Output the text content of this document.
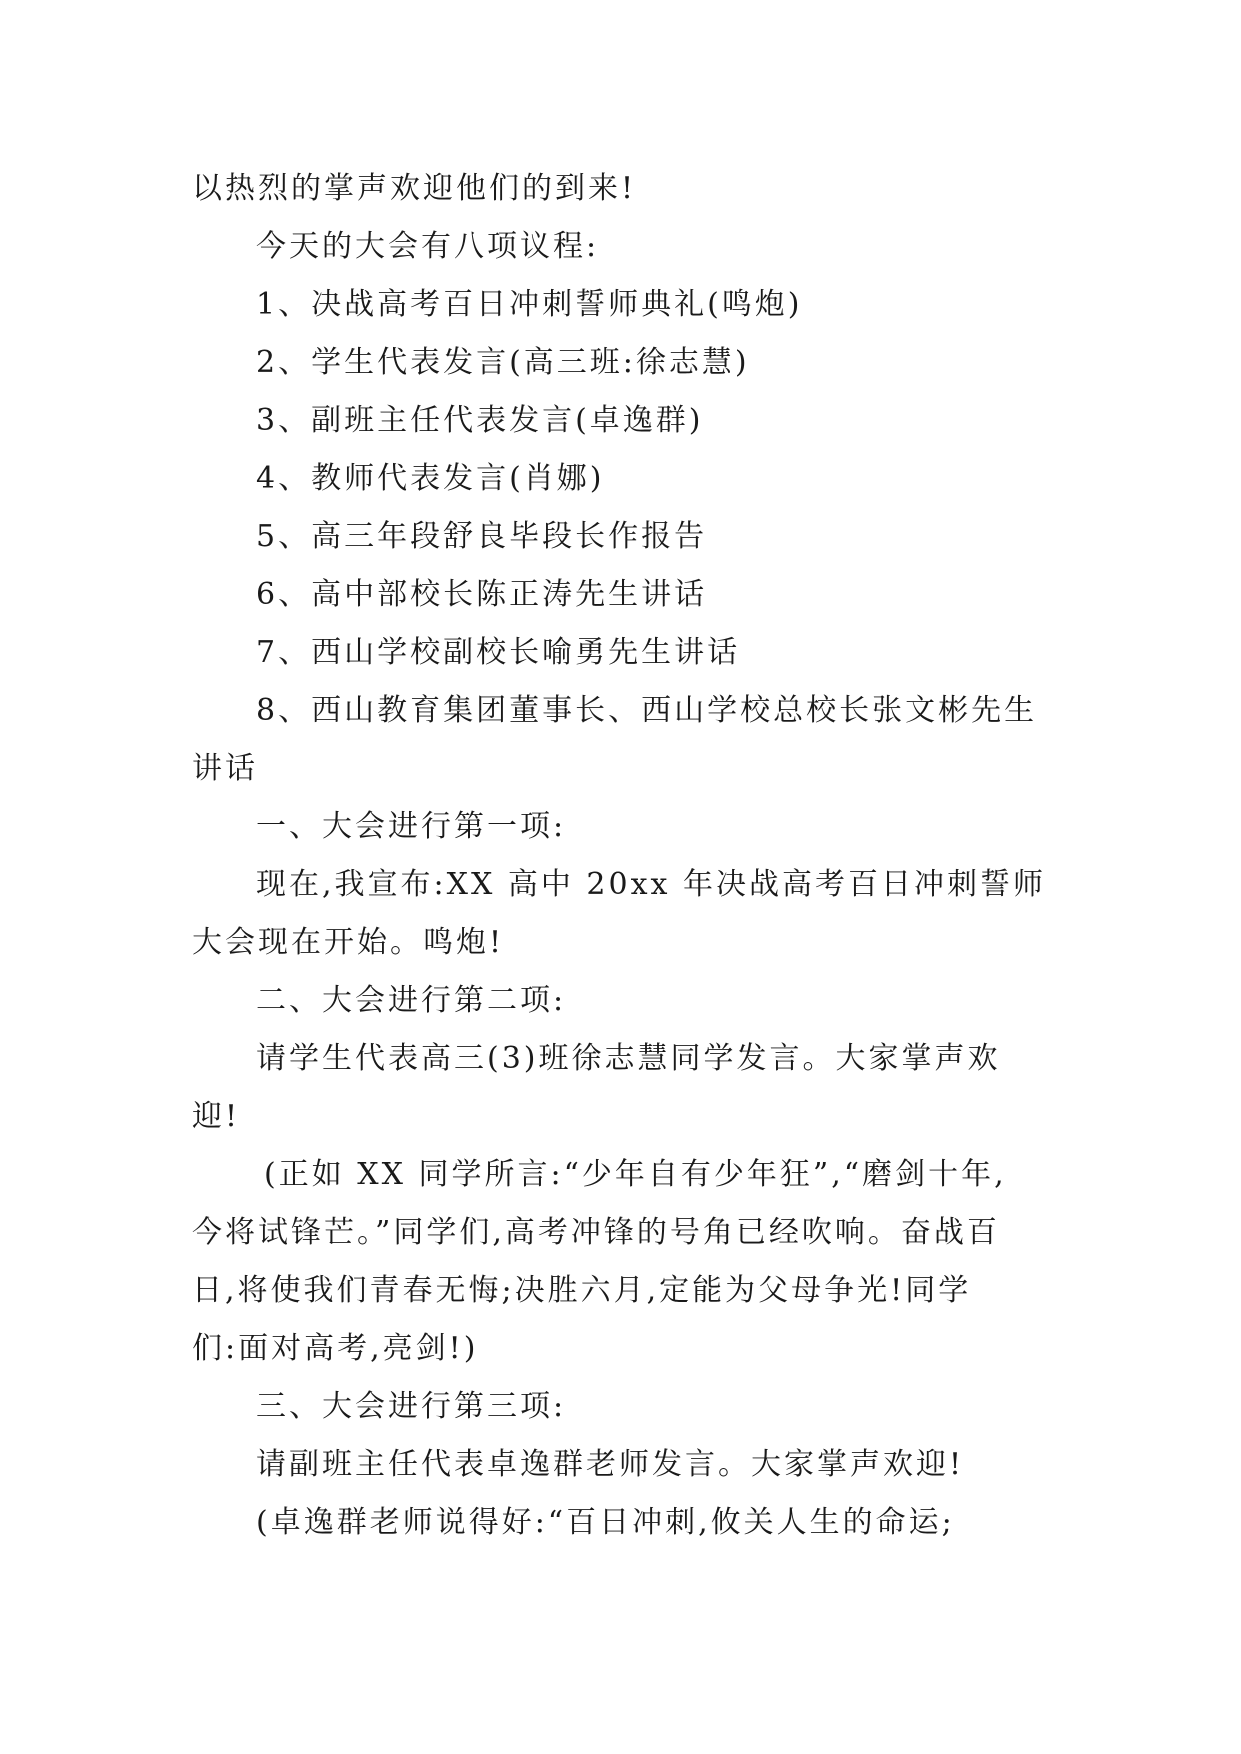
以热烈的掌声欢迎他们的到来!
今天的大会有八项议程:
1、决战高考百日冲刺誓师典礼(鸣炮)
2、学生代表发言(高三班:徐志慧)
3、副班主任代表发言(卓逸群)
4、教师代表发言(肖娜)
5、高三年段舒良毕段长作报告
6、高中部校长陈正涛先生讲话
7、西山学校副校长喻勇先生讲话
8、西山教育集团董事长、西山学校总校长张文彬先生
讲话
一、大会进行第一项:
现在,我宣布:XX 高中 20xx 年决战高考百日冲刺誓师
大会现在开始。鸣炮!
二、大会进行第二项:
请学生代表高三(3)班徐志慧同学发言。大家掌声欢
迎!
(正如 XX 同学所言:“少年自有少年狂”,“磨剑十年,
今将试锋芒。”同学们,高考冲锋的号角已经吹响。奋战百
日,将使我们青春无悔;决胜六月,定能为父母争光!同学
们:面对高考,亮剑!)
三、大会进行第三项:
请副班主任代表卓逸群老师发言。大家掌声欢迎!
(卓逸群老师说得好:“百日冲刺,攸关人生的命运;
